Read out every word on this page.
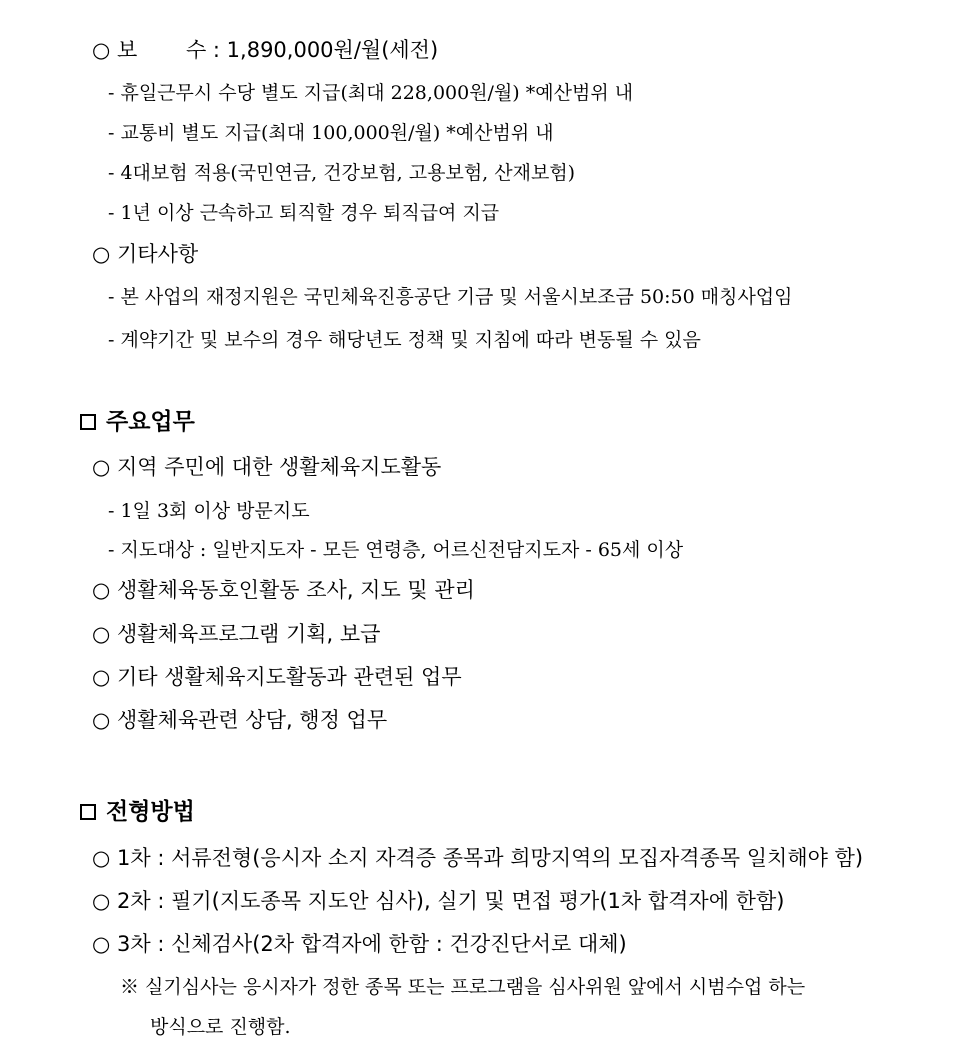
○ 보　　 수 : 1,890,000원/월(세전)
- 휴일근무시 수당 별도 지급(최대 228,000원/월) *예산범위 내
- 교통비 별도 지급(최대 100,000원/월) *예산범위 내
- 4대보험 적용(국민연금, 건강보험, 고용보험, 산재보험)
- 1년 이상 근속하고 퇴직할 경우 퇴직급여 지급
○ 기타사항
- 본 사업의 재정지원은 국민체육진흥공단 기금 및 서울시보조금 50:50 매칭사업임
- 계약기간 및 보수의 경우 해당년도 정책 및 지침에 따라 변동될 수 있음
주요업무
○ 지역 주민에 대한 생활체육지도활동
- 1일 3회 이상 방문지도
- 지도대상 : 일반지도자 - 모든 연령층, 어르신전담지도자 - 65세 이상
○ 생활체육동호인활동 조사, 지도 및 관리
○ 생활체육프로그램 기획, 보급
○ 기타 생활체육지도활동과 관련된 업무
○ 생활체육관련 상담, 행정 업무
전형방법
○ 1차 : 서류전형(응시자 소지 자격증 종목과 희망지역의 모집자격종목 일치해야 함)
○ 2차 : 필기(지도종목 지도안 심사), 실기 및 면접 평가(1차 합격자에 한함)
○ 3차 : 신체검사(2차 합격자에 한함 : 건강진단서로 대체)
※ 실기심사는 응시자가 정한 종목 또는 프로그램을 심사위원 앞에서 시범수업 하는
방식으로 진행함.
